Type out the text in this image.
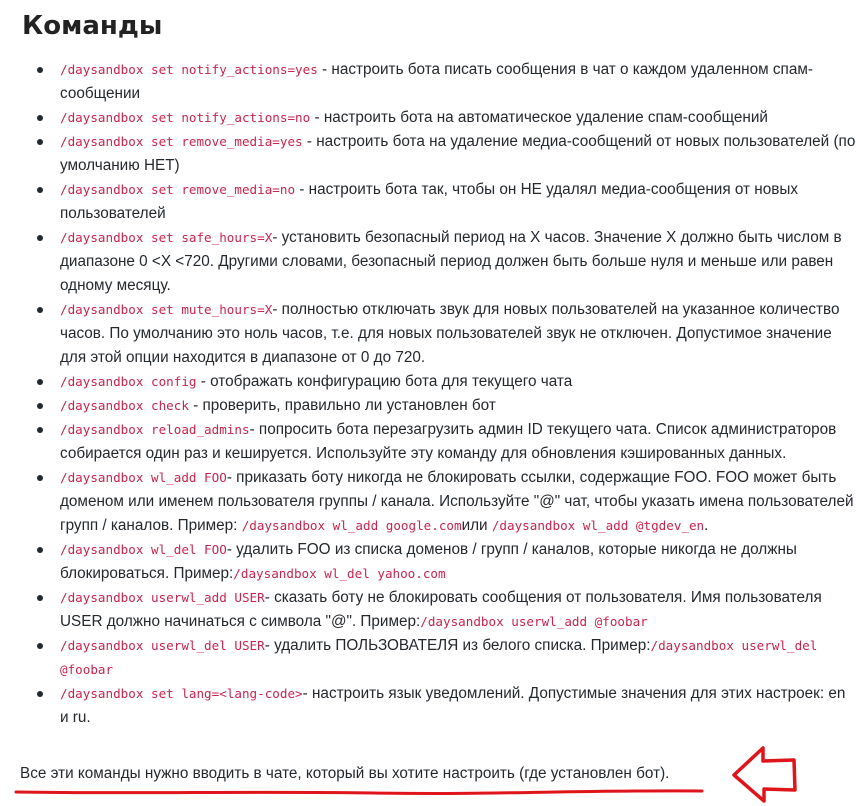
Команды
/daysandbox set notify_actions=yes - настроить бота писать сообщения в чат о каждом удаленном спам-сообщении
/daysandbox set notify_actions=no - настроить бота на автоматическое удаление спам-сообщений
/daysandbox set remove_media=yes - настроить бота на удаление медиа-сообщений от новых пользователей (по умолчанию НЕТ)
/daysandbox set remove_media=no - настроить бота так, чтобы он НЕ удалял медиа-сообщения от новых пользователей
/daysandbox set safe_hours=X- установить безопасный период на X часов. Значение X должно быть числом в диапазоне 0 <X <720. Другими словами, безопасный период должен быть больше нуля и меньше или равен одному месяцу.
/daysandbox set mute_hours=X- полностью отключать звук для новых пользователей на указанное количество часов. По умолчанию это ноль часов, т.е. для новых пользователей звук не отключен. Допустимое значение для этой опции находится в диапазоне от 0 до 720.
/daysandbox config - отображать конфигурацию бота для текущего чата
/daysandbox check - проверить, правильно ли установлен бот
/daysandbox reload_admins- попросить бота перезагрузить админ ID текущего чата. Список администраторов собирается один раз и кешируется. Используйте эту команду для обновления кэшированных данных.
/daysandbox wl_add FOO- приказать боту никогда не блокировать ссылки, содержащие FOO. FOO может быть доменом или именем пользователя группы / канала. Используйте "@" чат, чтобы указать имена пользователей групп / каналов. Пример: /daysandbox wl_add google.comили /daysandbox wl_add @tgdev_en.
/daysandbox wl_del FOO- удалить FOO из списка доменов / групп / каналов, которые никогда не должны блокироваться. Пример:/daysandbox wl_del yahoo.com
/daysandbox userwl_add USER- сказать боту не блокировать сообщения от пользователя. Имя пользователя USER должно начинаться с символа "@". Пример:/daysandbox userwl_add @foobar
/daysandbox userwl_del USER- удалить ПОЛЬЗОВАТЕЛЯ из белого списка. Пример:/daysandbox userwl_del @foobar
/daysandbox set lang=<lang-code>- настроить язык уведомлений. Допустимые значения для этих настроек: en и ru.
Все эти команды нужно вводить в чате, который вы хотите настроить (где установлен бот).
